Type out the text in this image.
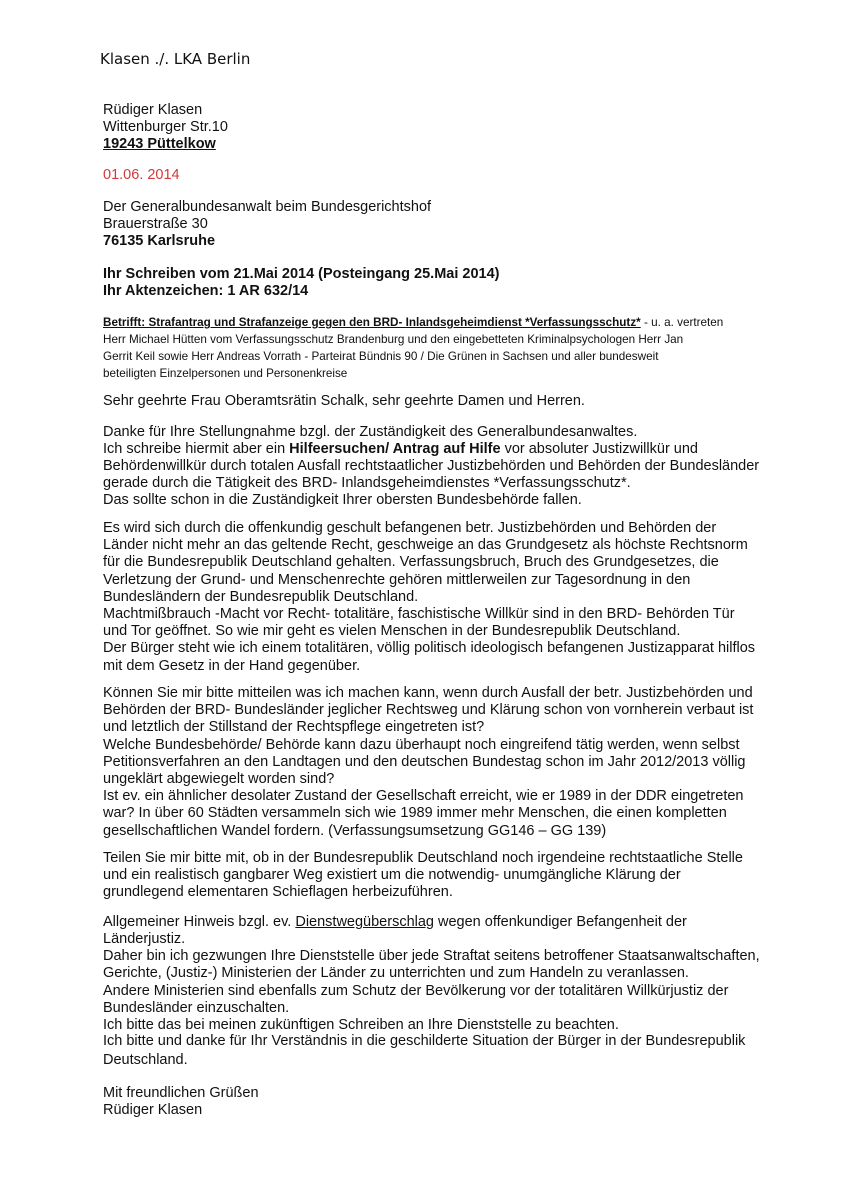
Klasen ./. LKA Berlin
Rüdiger Klasen
Wittenburger Str.10
19243 Püttelkow
01.06. 2014
Der Generalbundesanwalt beim Bundesgerichtshof
Brauerstraße 30
76135 Karlsruhe
Ihr Schreiben vom 21.Mai 2014 (Posteingang 25.Mai 2014)
Ihr Aktenzeichen: 1 AR 632/14
Betrifft: Strafantrag und Strafanzeige gegen den BRD- Inlandsgeheimdienst *Verfassungsschutz* - u. a. vertreten
Herr Michael Hütten vom Verfassungsschutz Brandenburg und den eingebetteten Kriminalpsychologen Herr Jan
Gerrit Keil sowie Herr Andreas Vorrath - Parteirat Bündnis 90 / Die Grünen in Sachsen und aller bundesweit
beteiligten Einzelpersonen und Personenkreise
Sehr geehrte Frau Oberamtsrätin Schalk, sehr geehrte Damen und Herren.
Danke für Ihre Stellungnahme bzgl. der Zuständigkeit des Generalbundesanwaltes.
Ich schreibe hiermit aber ein Hilfeersuchen/ Antrag auf Hilfe vor absoluter Justizwillkür und
Behördenwillkür durch totalen Ausfall rechtstaatlicher Justizbehörden und Behörden der Bundesländer
gerade durch die Tätigkeit des BRD- Inlandsgeheimdienstes *Verfassungsschutz*.
Das sollte schon in die Zuständigkeit Ihrer obersten Bundesbehörde fallen.
Es wird sich durch die offenkundig geschult befangenen betr. Justizbehörden und Behörden der
Länder nicht mehr an das geltende Recht, geschweige an das Grundgesetz als höchste Rechtsnorm
für die Bundesrepublik Deutschland gehalten. Verfassungsbruch, Bruch des Grundgesetzes, die
Verletzung der Grund- und Menschenrechte gehören mittlerweilen zur Tagesordnung in den
Bundesländern der Bundesrepublik Deutschland.
Machtmißbrauch -Macht vor Recht- totalitäre, faschistische Willkür sind in den BRD- Behörden Tür
und Tor geöffnet. So wie mir geht es vielen Menschen in der Bundesrepublik Deutschland.
Der Bürger steht wie ich einem totalitären, völlig politisch ideologisch befangenen Justizapparat hilflos
mit dem Gesetz in der Hand gegenüber.
Können Sie mir bitte mitteilen was ich machen kann, wenn durch Ausfall der betr. Justizbehörden und
Behörden der BRD- Bundesländer jeglicher Rechtsweg und Klärung schon von vornherein verbaut ist
und letztlich der Stillstand der Rechtspflege eingetreten ist?
Welche Bundesbehörde/ Behörde kann dazu überhaupt noch eingreifend tätig werden, wenn selbst
Petitionsverfahren an den Landtagen und den deutschen Bundestag schon im Jahr 2012/2013 völlig
ungeklärt abgewiegelt worden sind?
Ist ev. ein ähnlicher desolater Zustand der Gesellschaft erreicht, wie er 1989 in der DDR eingetreten
war? In über 60 Städten versammeln sich wie 1989 immer mehr Menschen, die einen kompletten
gesellschaftlichen Wandel fordern. (Verfassungsumsetzung GG146 – GG 139)
Teilen Sie mir bitte mit, ob in der Bundesrepublik Deutschland noch irgendeine rechtstaatliche Stelle
und ein realistisch gangbarer Weg existiert um die notwendig- unumgängliche Klärung der
grundlegend elementaren Schieflagen herbeizuführen.
Allgemeiner Hinweis bzgl. ev. Dienstwegüberschlag wegen offenkundiger Befangenheit der
Länderjustiz.
Daher bin ich gezwungen Ihre Dienststelle über jede Straftat seitens betroffener Staatsanwaltschaften,
Gerichte, (Justiz-) Ministerien der Länder zu unterrichten und zum Handeln zu veranlassen.
Andere Ministerien sind ebenfalls zum Schutz der Bevölkerung vor der totalitären Willkürjustiz der
Bundesländer einzuschalten.
Ich bitte das bei meinen zukünftigen Schreiben an Ihre Dienststelle zu beachten.
Ich bitte und danke für Ihr Verständnis in die geschilderte Situation der Bürger in der Bundesrepublik
Deutschland.
Mit freundlichen Grüßen
Rüdiger Klasen
